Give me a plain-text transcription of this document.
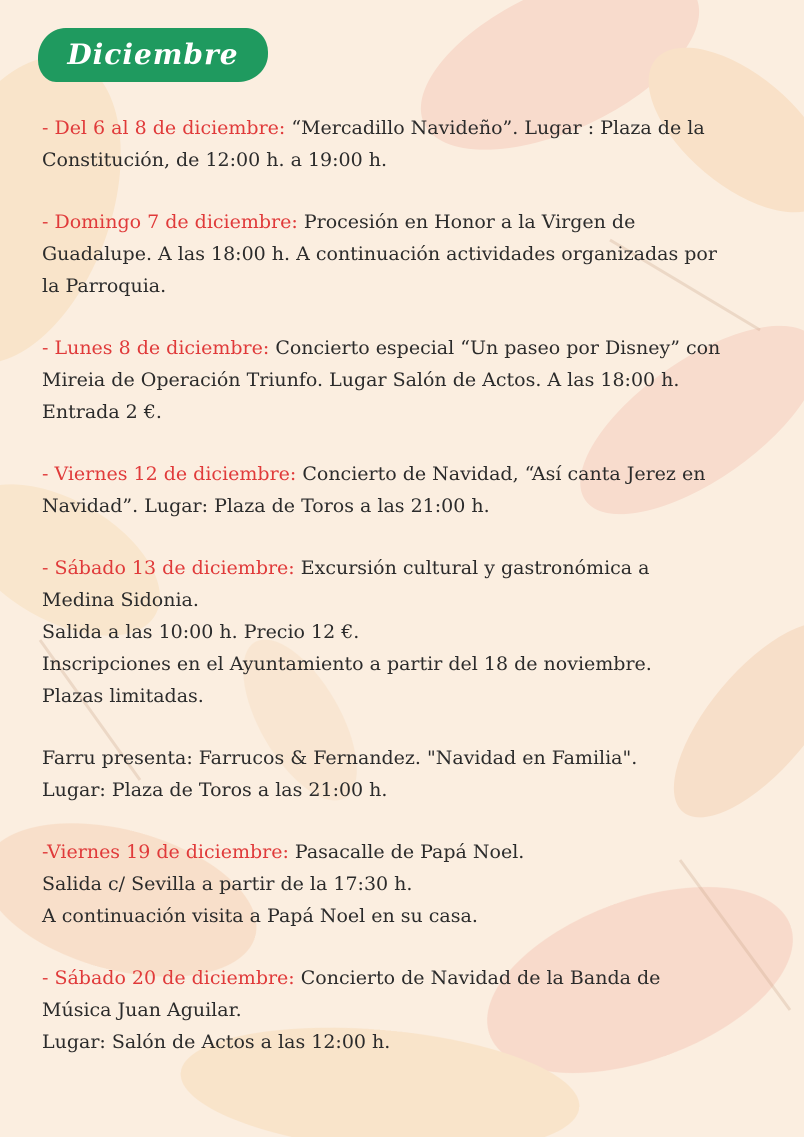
Diciembre

- Del 6 al 8 de diciembre: “Mercadillo Navideño”. Lugar : Plaza de la

Constitución, de 12:00 h. a 19:00 h.

- Domingo 7 de diciembre: Procesión en Honor a la Virgen de

Guadalupe. A las 18:00 h. A continuación actividades organizadas por

la Parroquia.

- Lunes 8 de diciembre: Concierto especial “Un paseo por Disney” con

Mireia de Operación Triunfo. Lugar Salón de Actos. A las 18:00 h.

Entrada 2 €.

- Viernes 12 de diciembre: Concierto de Navidad, “Así canta Jerez en

Navidad”. Lugar: Plaza de Toros a las 21:00 h.

- Sábado 13 de diciembre: Excursión cultural y gastronómica a

Medina Sidonia.

Salida a las 10:00 h. Precio 12 €.

Inscripciones en el Ayuntamiento a partir del 18 de noviembre.

Plazas limitadas.

Farru presenta: Farrucos & Fernandez. "Navidad en Familia".

Lugar: Plaza de Toros a las 21:00 h.

-Viernes 19 de diciembre: Pasacalle de Papá Noel.

Salida c/ Sevilla a partir de la 17:30 h.

A continuación visita a Papá Noel en su casa.

- Sábado 20 de diciembre: Concierto de Navidad de la Banda de

Música Juan Aguilar.

Lugar: Salón de Actos a las 12:00 h.
